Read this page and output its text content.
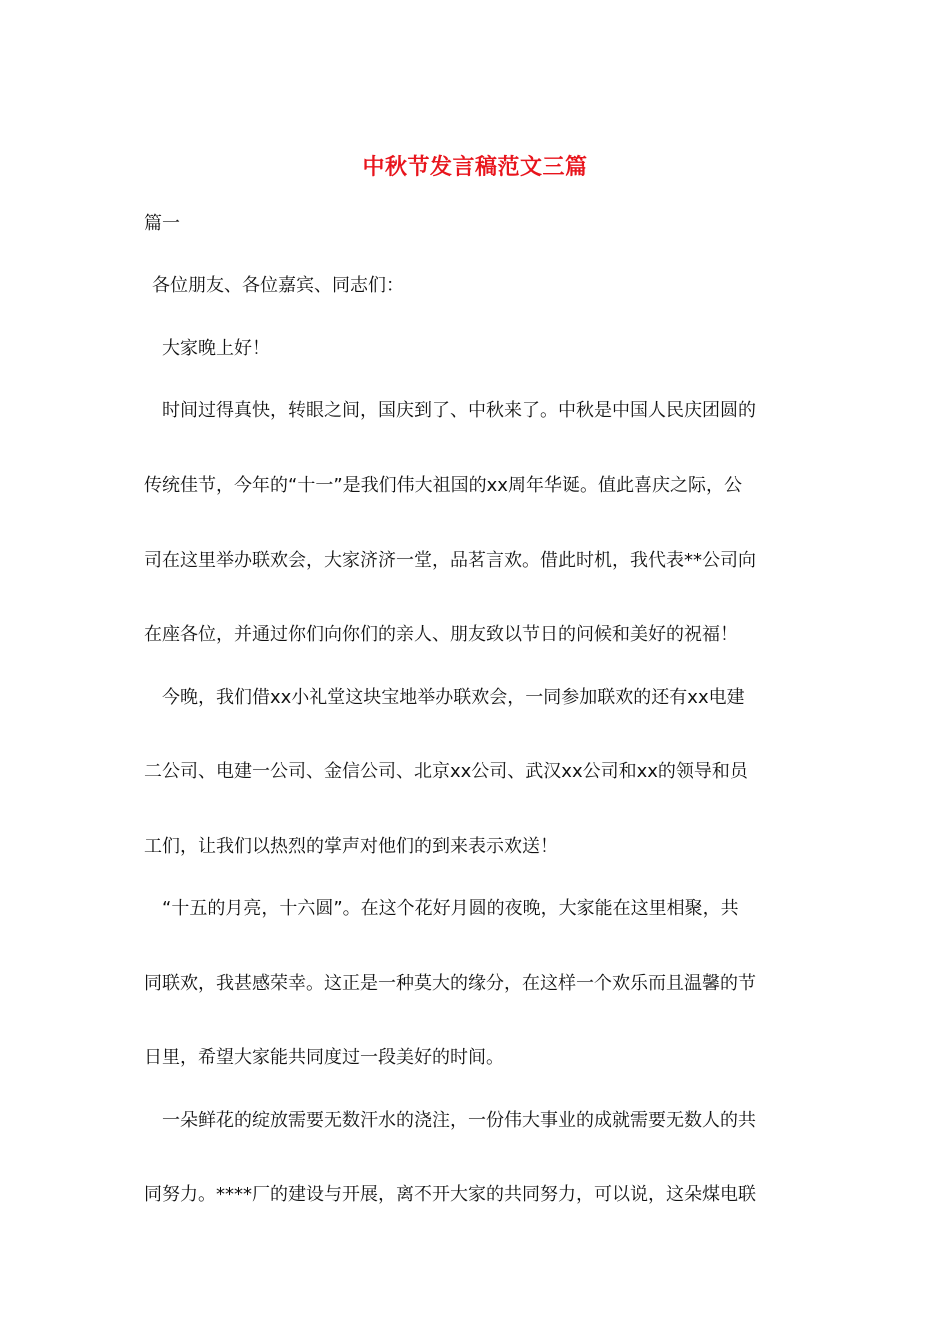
中秋节发言稿范文三篇
篇一
各位朋友、各位嘉宾、同志们：
大家晚上好！
时间过得真快，转眼之间，国庆到了、中秋来了。中秋是中国人民庆团圆的
传统佳节，今年的“十一”是我们伟大祖国的xx周年华诞。值此喜庆之际，公
司在这里举办联欢会，大家济济一堂，品茗言欢。借此时机，我代表**公司向
在座各位，并通过你们向你们的亲人、朋友致以节日的问候和美好的祝福！
今晚，我们借xx小礼堂这块宝地举办联欢会，一同参加联欢的还有xx电建
二公司、电建一公司、金信公司、北京xx公司、武汉xx公司和xx的领导和员
工们，让我们以热烈的掌声对他们的到来表示欢送！
“十五的月亮，十六圆”。在这个花好月圆的夜晚，大家能在这里相聚，共
同联欢，我甚感荣幸。这正是一种莫大的缘分，在这样一个欢乐而且温馨的节
日里，希望大家能共同度过一段美好的时间。
一朵鲜花的绽放需要无数汗水的浇注，一份伟大事业的成就需要无数人的共
同努力。****厂的建设与开展，离不开大家的共同努力，可以说，这朵煤电联
